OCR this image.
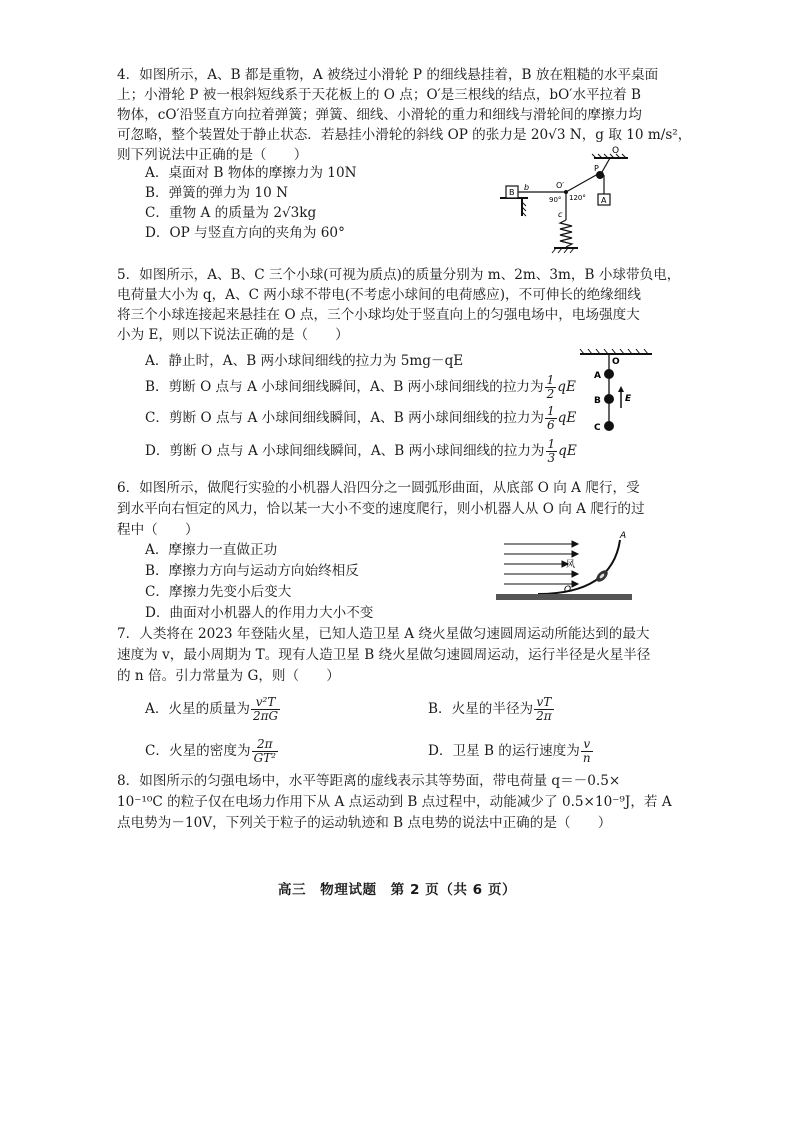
4．如图所示，A、B 都是重物，A 被绕过小滑轮 P 的细线悬挂着，B 放在粗糙的水平桌面
上；小滑轮 P 被一根斜短线系于天花板上的 O 点；O′是三根线的结点，bO′水平拉着 B
物体，cO′沿竖直方向拉着弹簧；弹簧、细线、小滑轮的重力和细线与滑轮间的摩擦力均
可忽略，整个装置处于静止状态．若悬挂小滑轮的斜线 OP 的张力是 20√3 N，g 取 10 m/s²，
则下列说法中正确的是（　　）
A．桌面对 B 物体的摩擦力为 10N
B．弹簧的弹力为 10 N
C．重物 A 的质量为 2√3kg
D．OP 与竖直方向的夹角为 60°
O
P
A
B
b	O′
90° 120°
c
5．如图所示，A、B、C 三个小球(可视为质点)的质量分别为 m、2m、3m，B 小球带负电，
电荷量大小为 q，A、C 两小球不带电(不考虑小球间的电荷感应)，不可伸长的绝缘细线
将三个小球连接起来悬挂在 O 点，三个小球均处于竖直向上的匀强电场中，电场强度大
小为 E，则以下说法正确的是（　　）
A．静止时，A、B 两小球间细线的拉力为 5mg－qE
B．剪断 O 点与 A 小球间细线瞬间，A、B 两小球间细线的拉力为 $\frac{1}{2}$ qE
C．剪断 O 点与 A 小球间细线瞬间，A、B 两小球间细线的拉力为 $\frac{1}{6}$ qE
D．剪断 O 点与 A 小球间细线瞬间，A、B 两小球间细线的拉力为 $\frac{1}{3}$ qE
O
A
B
C
E
6．如图所示，做爬行实验的小机器人沿四分之一圆弧形曲面，从底部 O 向 A 爬行，受
到水平向右恒定的风力，恰以某一大小不变的速度爬行，则小机器人从 O 向 A 爬行的过
程中（　　）
A．摩擦力一直做正功
B．摩擦力方向与运动方向始终相反
C．摩擦力先变小后变大
D．曲面对小机器人的作用力大小不变
风
A
O
7．人类将在 2023 年登陆火星，已知人造卫星 A 绕火星做匀速圆周运动所能达到的最大
速度为 v，最小周期为 T。现有人造卫星 B 绕火星做匀速圆周运动，运行半径是火星半径
的 n 倍。引力常量为 G，则（　　）
A．火星的质量为 $\frac{\text{v²T}}{2\pi G}$	B．火星的半径为 $\frac{vT}{2\pi}$
C．火星的密度为 $\frac{2\pi}{\text{GT²}}$	D．卫星 B 的运行速度为 $\frac{v}{n}$
8．如图所示的匀强电场中，水平等距离的虚线表示其等势面，带电荷量 q＝－0.5×
10⁻¹⁰C 的粒子仅在电场力作用下从 A 点运动到 B 点过程中，动能减少了 0.5×10⁻⁹J，若 A
点电势为－10V，下列关于粒子的运动轨迹和 B 点电势的说法中正确的是（　　）
高三　物理试题　第 2 页（共 6 页）
